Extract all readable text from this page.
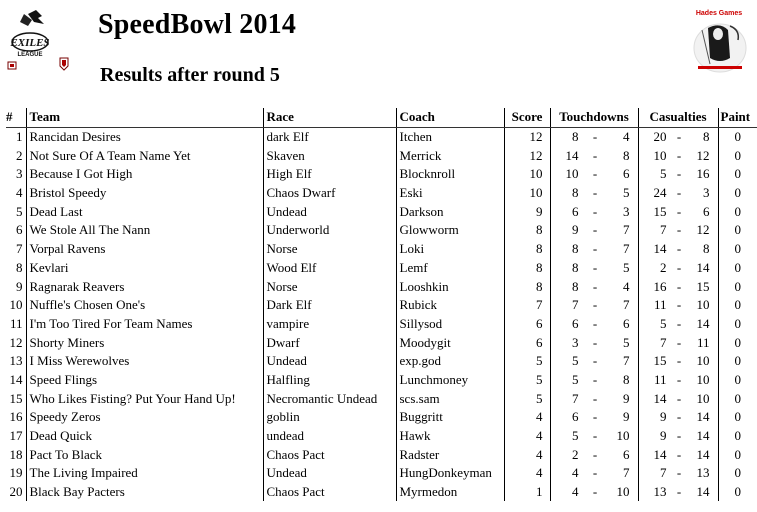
EXILES
LEAGUE
SpeedBowl 2014
Results after round 5
Hades Games
#	Team	Race	Coach	Score	Touchdowns	Casualties	Paint
1	Rancidan Desires	dark Elf	Itchen	12	8 - 4	20 - 8	0
2	Not Sure Of A Team Name Yet	Skaven	Merrick	12	14 - 8	10 - 12	0
3	Because I Got High	High Elf	Blocknroll	10	10 - 6	5 - 16	0
4	Bristol Speedy	Chaos Dwarf	Eski	10	8 - 5	24 - 3	0
5	Dead Last	Undead	Darkson	9	6 - 3	15 - 6	0
6	We Stole All The Nann	Underworld	Glowworm	8	9 - 7	7 - 12	0
7	Vorpal Ravens	Norse	Loki	8	8 - 7	14 - 8	0
8	Kevlari	Wood Elf	Lemf	8	8 - 5	2 - 14	0
9	Ragnarak Reavers	Norse	Looshkin	8	8 - 4	16 - 15	0
10	Nuffle's Chosen One's	Dark Elf	Rubick	7	7 - 7	11 - 10	0
11	I'm Too Tired For Team Names	vampire	Sillysod	6	6 - 6	5 - 14	0
12	Shorty Miners	Dwarf	Moodygit	6	3 - 5	7 - 11	0
13	I Miss Werewolves	Undead	exp.god	5	5 - 7	15 - 10	0
14	Speed Flings	Halfling	Lunchmoney	5	5 - 8	11 - 10	0
15	Who Likes Fisting? Put Your Hand Up!	Necromantic Undead	scs.sam	5	7 - 9	14 - 10	0
16	Speedy Zeros	goblin	Buggritt	4	6 - 9	9 - 14	0
17	Dead Quick	undead	Hawk	4	5 - 10	9 - 14	0
18	Pact To Black	Chaos Pact	Radster	4	2 - 6	14 - 14	0
19	The Living Impaired	Undead	HungDonkeyman	4	4 - 7	7 - 13	0
20	Black Bay Pacters	Chaos Pact	Myrmedon	1	4 - 10	13 - 14	0
